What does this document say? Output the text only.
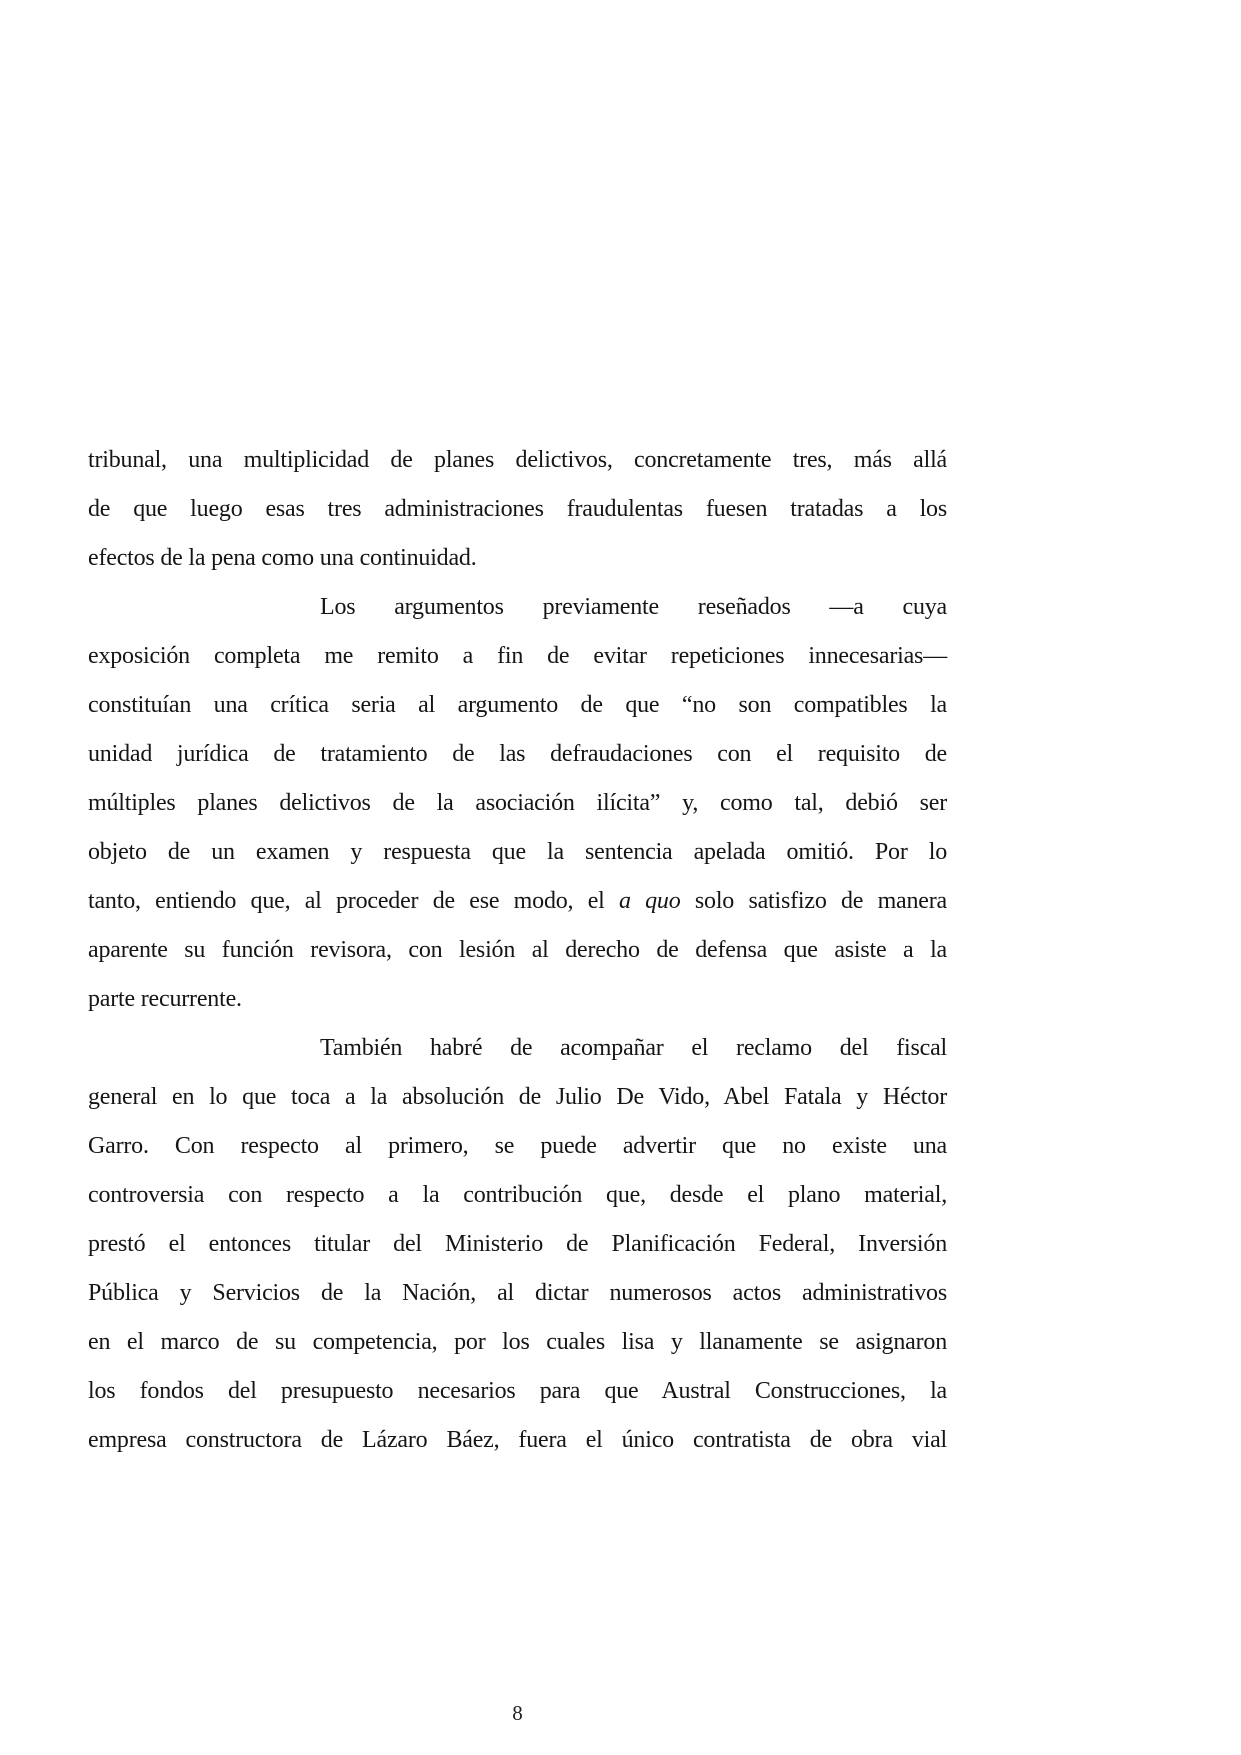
tribunal, una multiplicidad de planes delictivos, concretamente tres, más allá
de que luego esas tres administraciones fraudulentas fuesen tratadas a los
efectos de la pena como una continuidad.
Los argumentos previamente reseñados —a cuya
exposición completa me remito a fin de evitar repeticiones innecesarias—
constituían una crítica seria al argumento de que “no son compatibles la
unidad jurídica de tratamiento de las defraudaciones con el requisito de
múltiples planes delictivos de la asociación ilícita” y, como tal, debió ser
objeto de un examen y respuesta que la sentencia apelada omitió. Por lo
tanto, entiendo que, al proceder de ese modo, el a quo solo satisfizo de manera
aparente su función revisora, con lesión al derecho de defensa que asiste a la
parte recurrente.
También habré de acompañar el reclamo del fiscal
general en lo que toca a la absolución de Julio De Vido, Abel Fatala y Héctor
Garro. Con respecto al primero, se puede advertir que no existe una
controversia con respecto a la contribución que, desde el plano material,
prestó el entonces titular del Ministerio de Planificación Federal, Inversión
Pública y Servicios de la Nación, al dictar numerosos actos administrativos
en el marco de su competencia, por los cuales lisa y llanamente se asignaron
los fondos del presupuesto necesarios para que Austral Construcciones, la
empresa constructora de Lázaro Báez, fuera el único contratista de obra vial
8
